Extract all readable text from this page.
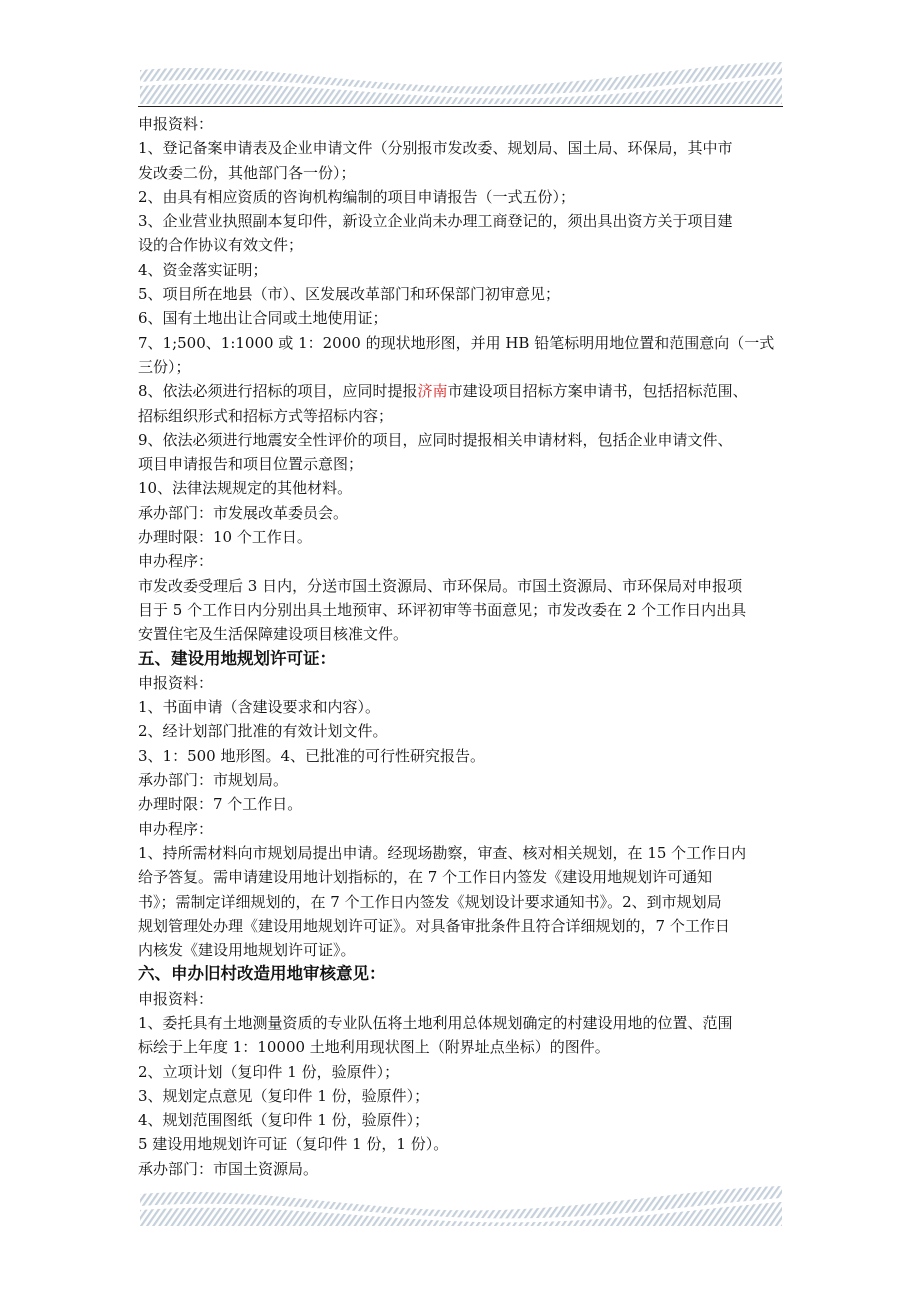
申报资料：
1、登记备案申请表及企业申请文件（分别报市发改委、规划局、国土局、环保局，其中市
发改委二份，其他部门各一份）；
2、由具有相应资质的咨询机构编制的项目申请报告（一式五份）；
3、企业营业执照副本复印件，新设立企业尚未办理工商登记的，须出具出资方关于项目建
设的合作协议有效文件；
4、资金落实证明；
5、项目所在地县（市）、区发展改革部门和环保部门初审意见；
6、国有土地出让合同或土地使用证；
7、1;500、1:1000 或 1：2000 的现状地形图，并用 HB 铅笔标明用地位置和范围意向（一式
三份）；
8、依法必须进行招标的项目，应同时提报济南市建设项目招标方案申请书，包括招标范围、
招标组织形式和招标方式等招标内容；
9、依法必须进行地震安全性评价的项目，应同时提报相关申请材料，包括企业申请文件、
项目申请报告和项目位置示意图；
10、法律法规规定的其他材料。
承办部门：市发展改革委员会。
办理时限：10 个工作日。
申办程序：
市发改委受理后 3 日内，分送市国土资源局、市环保局。市国土资源局、市环保局对申报项
目于 5 个工作日内分别出具土地预审、环评初审等书面意见；市发改委在 2 个工作日内出具
安置住宅及生活保障建设项目核准文件。
五、建设用地规划许可证：
申报资料：
1、书面申请（含建设要求和内容）。
2、经计划部门批准的有效计划文件。
3、1：500 地形图。4、已批准的可行性研究报告。
承办部门：市规划局。
办理时限：7 个工作日。
申办程序：
1、持所需材料向市规划局提出申请。经现场勘察，审查、核对相关规划，在 15 个工作日内
给予答复。需申请建设用地计划指标的，在 7 个工作日内签发《建设用地规划许可通知
书》；需制定详细规划的，在 7 个工作日内签发《规划设计要求通知书》。2、到市规划局
规划管理处办理《建设用地规划许可证》。对具备审批条件且符合详细规划的，7 个工作日
内核发《建设用地规划许可证》。
六、申办旧村改造用地审核意见：
申报资料：
1、委托具有土地测量资质的专业队伍将土地利用总体规划确定的村建设用地的位置、范围
标绘于上年度 1：10000 土地利用现状图上（附界址点坐标）的图件。
2、立项计划（复印件 1 份，验原件）；
3、规划定点意见（复印件 1 份，验原件）；
4、规划范围图纸（复印件 1 份，验原件）；
5 建设用地规划许可证（复印件 1 份，1 份）。
承办部门：市国土资源局。
